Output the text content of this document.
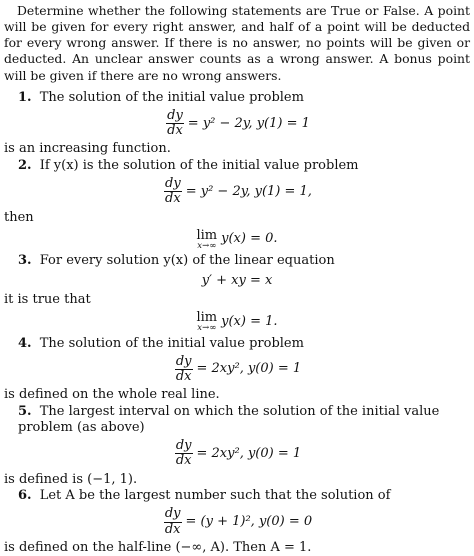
Determine whether the following statements are True or False. A point will be given for every right answer, and half of a point will be deducted for every wrong answer. If there is no answer, no points will be given or deducted. An unclear answer counts as a wrong answer. A bonus point will be given if there are no wrong answers.

1. The solution of the initial value problem

$\frac{dy}{dx} = y^2 - 2y$, y(1) = 1

is an increasing function.

2. If y(x) is the solution of the initial value problem

$\frac{dy}{dx} = y^2 - 2y$, y(1) = 1,

then

lim
x→∞ y(x) = 0.

3. For every solution y(x) of the linear equation

y′ + xy = x

it is true that

lim
x→∞ y(x) = 1.

4. The solution of the initial value problem

$\frac{dy}{dx} = 2xy^2$, y(0) = 1

is defined on the whole real line.

5. The largest interval on which the solution of the initial value problem (as above)

$\frac{dy}{dx} = 2xy^2$, y(0) = 1

is defined is (−1, 1).

6. Let A be the largest number such that the solution of

$\frac{dy}{dx} = (y + 1)^2$, y(0) = 0

is defined on the half-line (−∞, A). Then A = 1.
